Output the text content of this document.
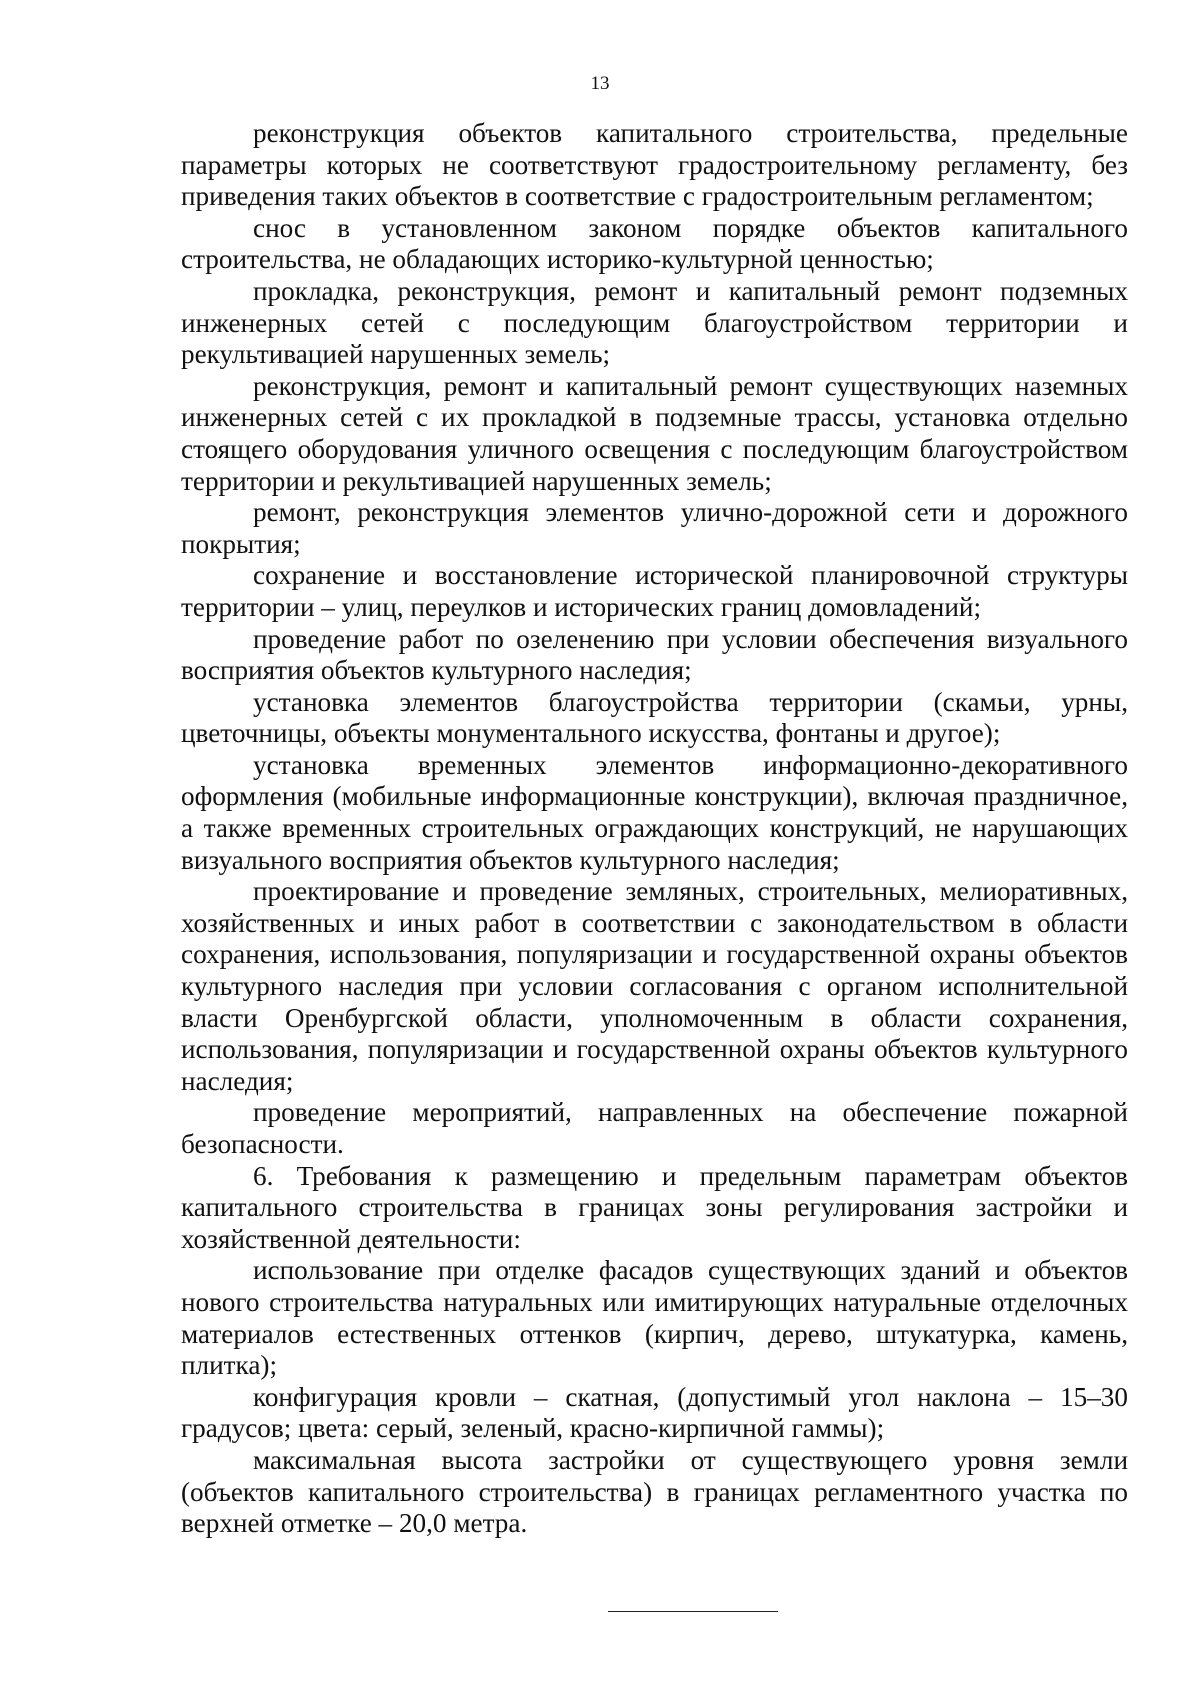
13

реконструкция объектов капитального строительства, предельные параметры которых не соответствуют градостроительному регламенту, без приведения таких объектов в соответствие с градостроительным регламентом;

снос в установленном законом порядке объектов капитального строительства, не обладающих историко-культурной ценностью;

прокладка, реконструкция, ремонт и капитальный ремонт подземных инженерных сетей с последующим благоустройством территории и рекультивацией нарушенных земель;

реконструкция, ремонт и капитальный ремонт существующих наземных инженерных сетей с их прокладкой в подземные трассы, установка отдельно стоящего оборудования уличного освещения с последующим благоустройством территории и рекультивацией нарушенных земель;

ремонт, реконструкция элементов улично-дорожной сети и дорожного покрытия;

сохранение и восстановление исторической планировочной структуры территории – улиц, переулков и исторических границ домовладений;

проведение работ по озеленению при условии обеспечения визуального восприятия объектов культурного наследия;

установка элементов благоустройства территории (скамьи, урны, цветочницы, объекты монументального искусства, фонтаны и другое);

установка временных элементов информационно-декоративного оформления (мобильные информационные конструкции), включая праздничное, а также временных строительных ограждающих конструкций, не нарушающих визуального восприятия объектов культурного наследия;

проектирование и проведение земляных, строительных, мелиоративных, хозяйственных и иных работ в соответствии с законодательством в области сохранения, использования, популяризации и государственной охраны объектов культурного наследия при условии согласования с органом исполнительной власти Оренбургской области, уполномоченным в области сохранения, использования, популяризации и государственной охраны объектов культурного наследия;

проведение мероприятий, направленных на обеспечение пожарной безопасности.

6. Требования к размещению и предельным параметрам объектов капитального строительства в границах зоны регулирования застройки и хозяйственной деятельности:

использование при отделке фасадов существующих зданий и объектов нового строительства натуральных или имитирующих натуральные отделочных материалов естественных оттенков (кирпич, дерево, штукатурка, камень, плитка);

конфигурация кровли – скатная, (допустимый угол наклона – 15–30 градусов; цвета: серый, зеленый, красно-кирпичной гаммы);

максимальная высота застройки от существующего уровня земли (объектов капитального строительства) в границах регламентного участка по верхней отметке – 20,0 метра.
